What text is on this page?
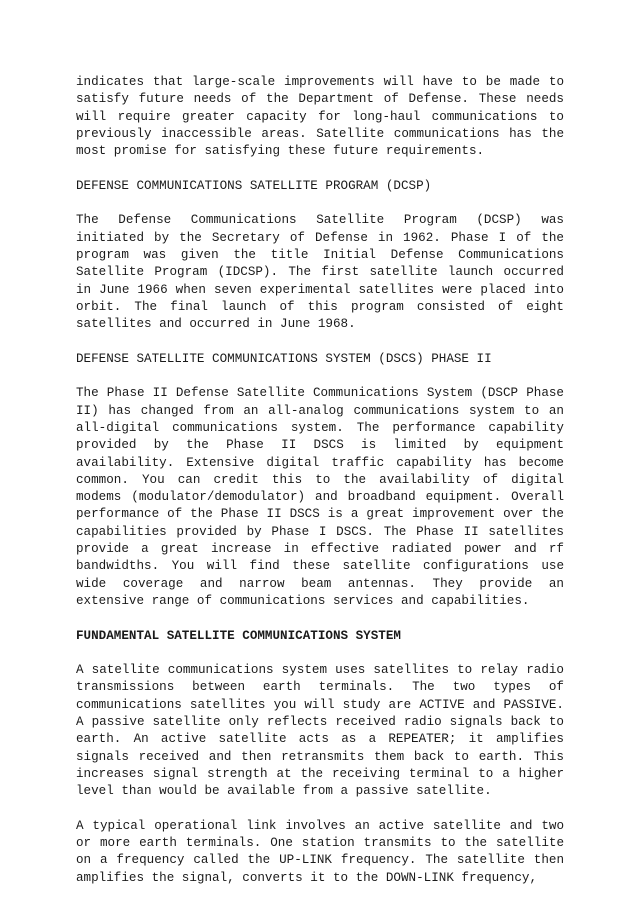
indicates that large-scale improvements will have to be made to satisfy future needs of the Department of Defense. These needs will require greater capacity for long-haul communications to previously inaccessible areas. Satellite communications has the most promise for satisfying these future requirements.

DEFENSE COMMUNICATIONS SATELLITE PROGRAM (DCSP)

The Defense Communications Satellite Program (DCSP) was initiated by the Secretary of Defense in 1962. Phase I of the program was given the title Initial Defense Communications Satellite Program (IDCSP). The first satellite launch occurred in June 1966 when seven experimental satellites were placed into orbit. The final launch of this program consisted of eight satellites and occurred in June 1968.

DEFENSE SATELLITE COMMUNICATIONS SYSTEM (DSCS) PHASE II

The Phase II Defense Satellite Communications System (DSCP Phase II) has changed from an all-analog communications system to an all-digital communications system. The performance capability provided by the Phase II DSCS is limited by equipment availability. Extensive digital traffic capability has become common. You can credit this to the availability of digital modems (modulator/demodulator) and broadband equipment. Overall performance of the Phase II DSCS is a great improvement over the capabilities provided by Phase I DSCS. The Phase II satellites provide a great increase in effective radiated power and rf bandwidths. You will find these satellite configurations use wide coverage and narrow beam antennas. They provide an extensive range of communications services and capabilities.

FUNDAMENTAL SATELLITE COMMUNICATIONS SYSTEM

A satellite communications system uses satellites to relay radio transmissions between earth terminals. The two types of communications satellites you will study are ACTIVE and PASSIVE. A passive satellite only reflects received radio signals back to earth. An active satellite acts as a REPEATER; it amplifies signals received and then retransmits them back to earth. This increases signal strength at the receiving terminal to a higher level than would be available from a passive satellite.

A typical operational link involves an active satellite and two or more earth terminals. One station transmits to the satellite on a frequency called the UP-LINK frequency. The satellite then amplifies the signal, converts it to the DOWN-LINK frequency,
